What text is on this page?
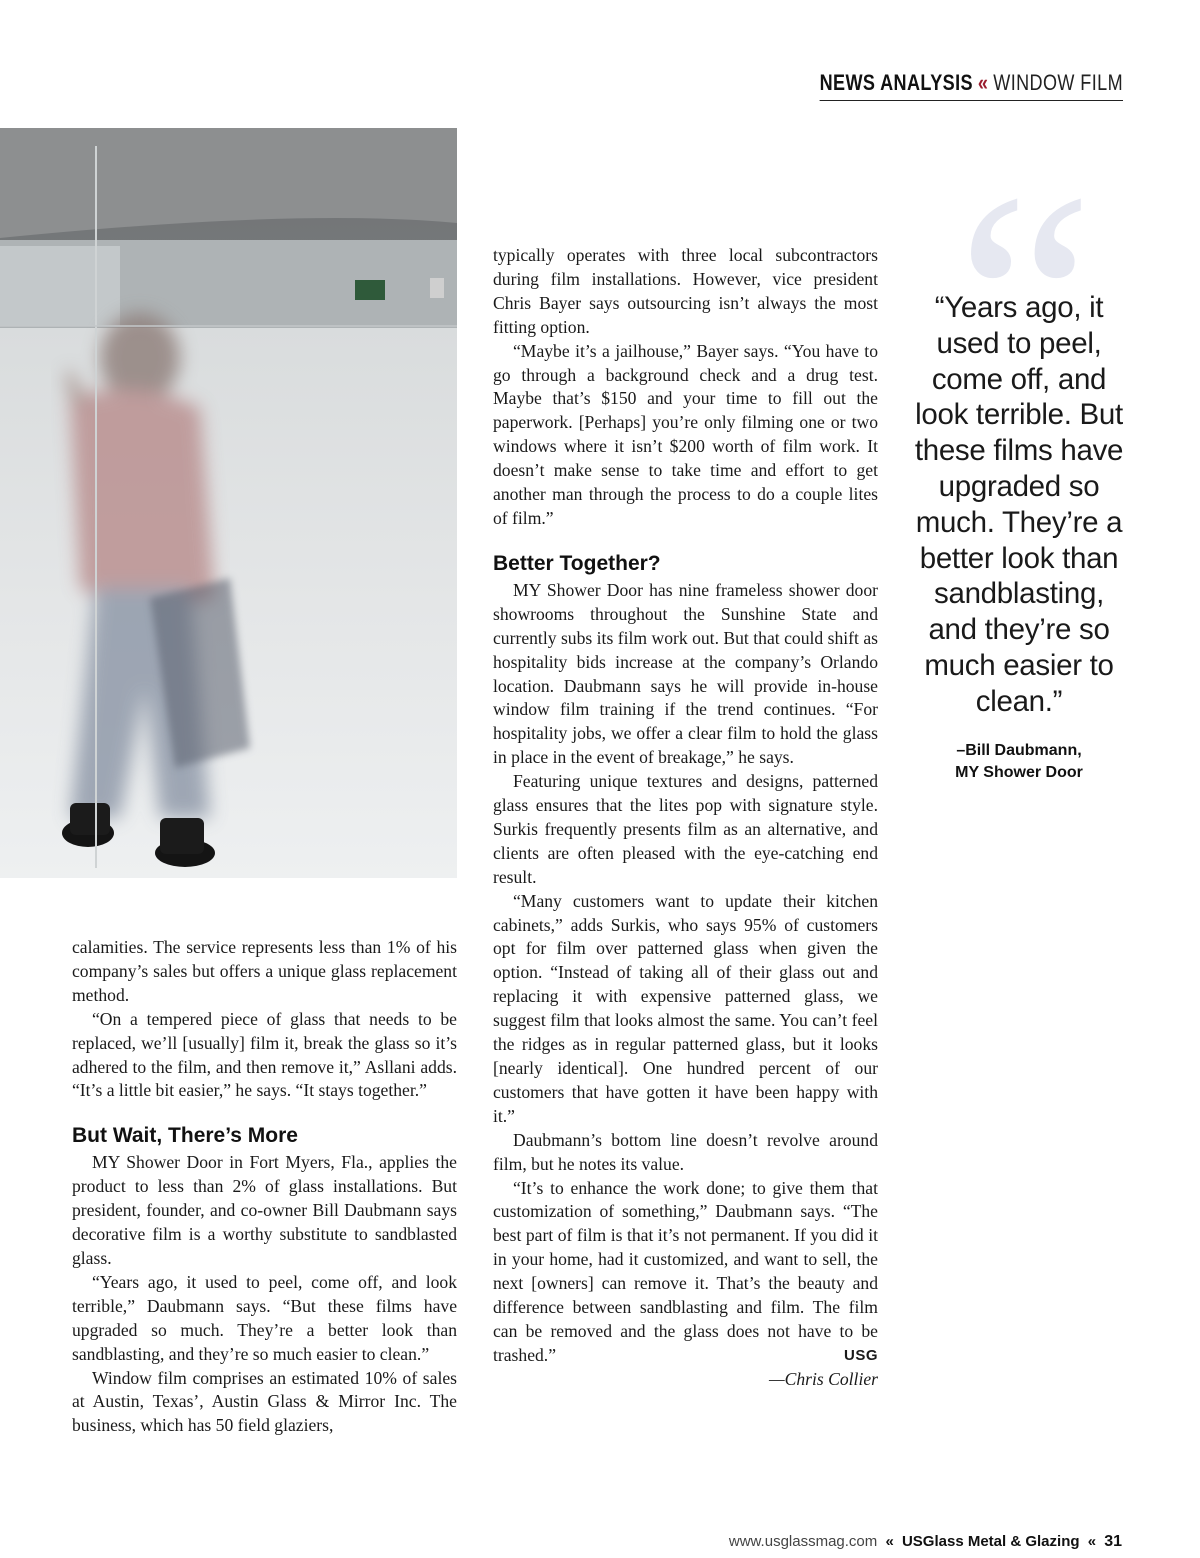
NEWS ANALYSIS « WINDOW FILM

calamities. The service represents less than 1% of his company’s sales but offers a unique glass replacement method.

“On a tempered piece of glass that needs to be replaced, we’ll [usually] film it, break the glass so it’s adhered to the film, and then remove it,” Asllani adds. “It’s a little bit easier,” he says. “It stays together.”

But Wait, There’s More

MY Shower Door in Fort Myers, Fla., applies the product to less than 2% of glass installations. But president, founder, and co-owner Bill Daubmann says decorative film is a worthy substitute to sandblasted glass.

“Years ago, it used to peel, come off, and look terrible,” Daubmann says. “But these films have upgraded so much. They’re a better look than sandblasting, and they’re so much easier to clean.”

Window film comprises an estimated 10% of sales at Austin, Texas’, Austin Glass & Mirror Inc. The business, which has 50 field glaziers,

typically operates with three local subcontractors during film installations. However, vice president Chris Bayer says outsourcing isn’t always the most fitting option.

“Maybe it’s a jailhouse,” Bayer says. “You have to go through a background check and a drug test. Maybe that’s $150 and your time to fill out the paperwork. [Perhaps] you’re only filming one or two windows where it isn’t $200 worth of film work. It doesn’t make sense to take time and effort to get another man through the process to do a couple lites of film.”

Better Together?

MY Shower Door has nine frameless shower door showrooms throughout the Sunshine State and currently subs its film work out. But that could shift as hospitality bids increase at the company’s Orlando location. Daubmann says he will provide in-house window film training if the trend continues. “For hospitality jobs, we offer a clear film to hold the glass in place in the event of breakage,” he says.

Featuring unique textures and designs, patterned glass ensures that the lites pop with signature style. Surkis frequently presents film as an alternative, and clients are often pleased with the eye-catching end result.

“Many customers want to update their kitchen cabinets,” adds Surkis, who says 95% of customers opt for film over patterned glass when given the option. “Instead of taking all of their glass out and replacing it with expensive patterned glass, we suggest film that looks almost the same. You can’t feel the ridges as in regular patterned glass, but it looks [nearly identical]. One hundred percent of our customers that have gotten it have been happy with it.”

Daubmann’s bottom line doesn’t revolve around film, but he notes its value.

“It’s to enhance the work done; to give them that customization of something,” Daubmann says. “The best part of film is that it’s not permanent. If you did it in your home, had it customized, and want to sell, the next [owners] can remove it. That’s the beauty and difference between sandblasting and film. The film can be removed and the glass does not have to be trashed.”	USG

—Chris Collier

“Years ago, it used to peel, come off, and look terrible. But these films have upgraded so much. They’re a better look than sandblasting, and they’re so much easier to clean.”
–Bill Daubmann,
MY Shower Door
www.usglassmag.com « USGlass Metal & Glazing « 31
